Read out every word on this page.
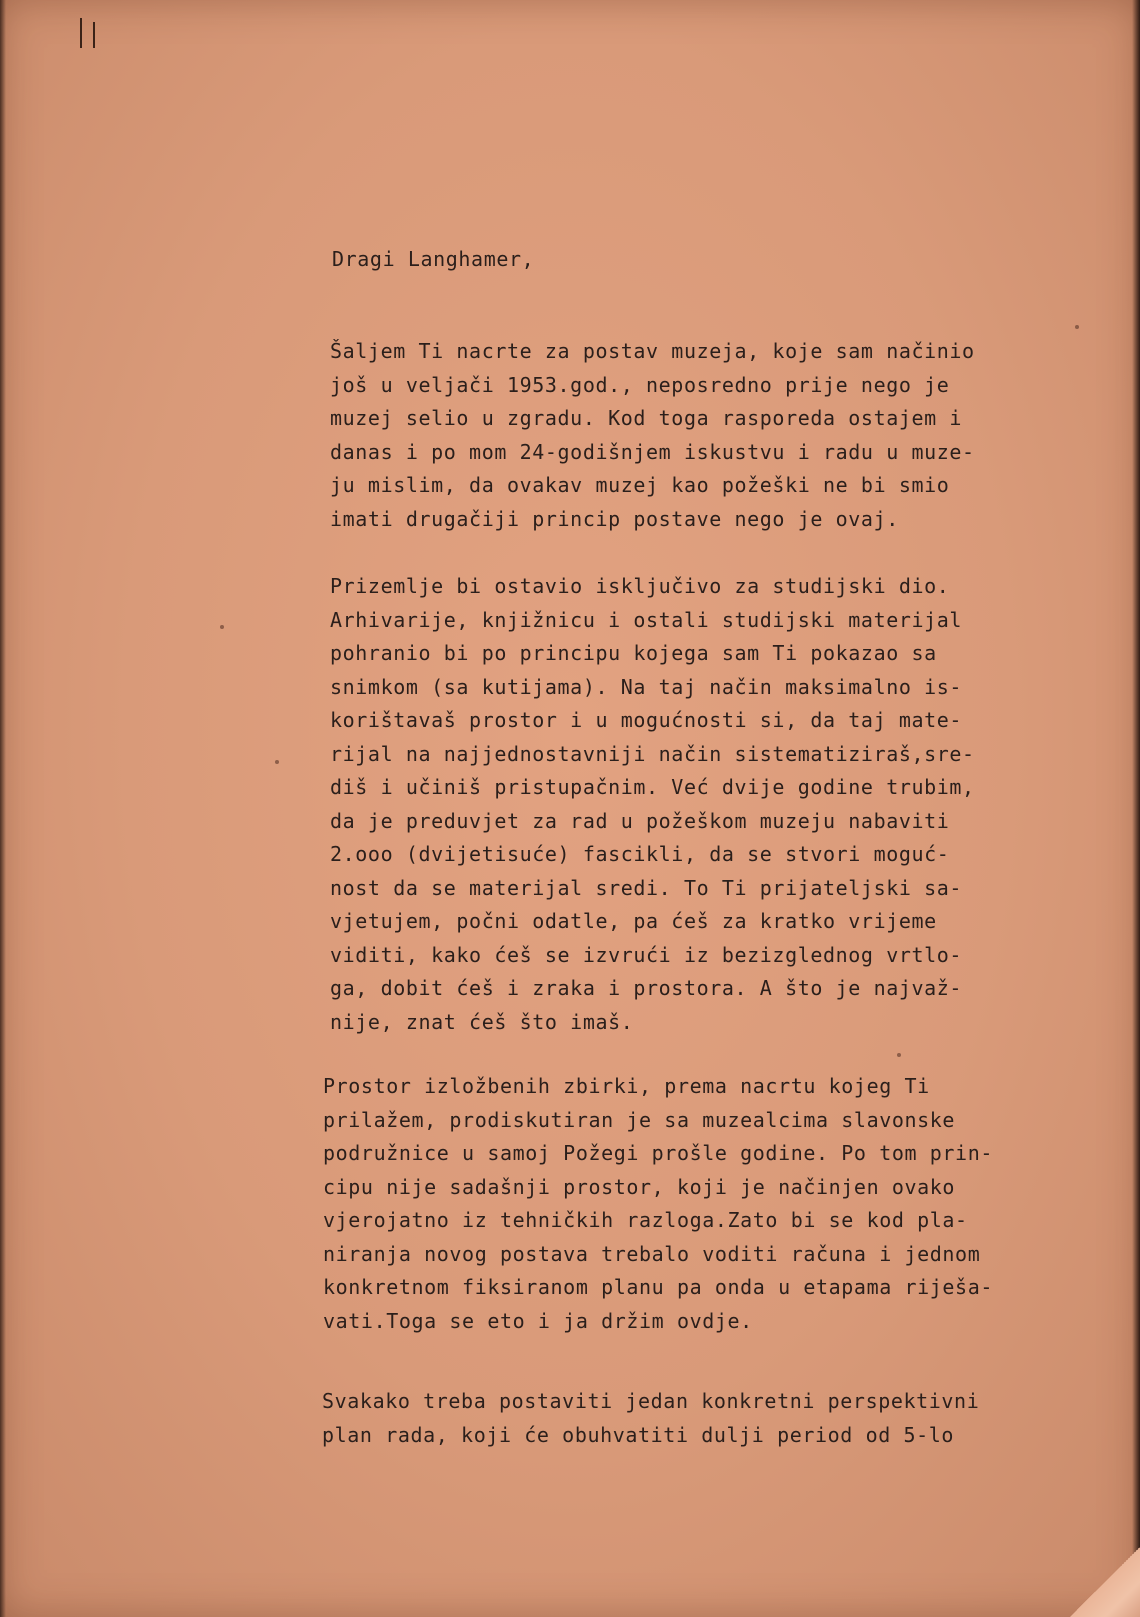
Dragi Langhamer,

Šaljem Ti nacrte za postav muzeja, koje sam načinio
još u veljači 1953.god., neposredno prije nego je
muzej selio u zgradu. Kod toga rasporeda ostajem i
danas i po mom 24-godišnjem iskustvu i radu u muze-
ju mislim, da ovakav muzej kao požeški ne bi smio
imati drugačiji princip postave nego je ovaj.
Prizemlje bi ostavio isključivo za studijski dio.
Arhivarije, knjižnicu i ostali studijski materijal
pohranio bi po principu kojega sam Ti pokazao sa
snimkom (sa kutijama). Na taj način maksimalno is-
korištavaš prostor i u mogućnosti si, da taj mate-
rijal na najjednostavniji način sistematiziraš,sre-
diš i učiniš pristupačnim. Već dvije godine trubim,
da je preduvjet za rad u požeškom muzeju nabaviti
2.ooo (dvijetisuće) fascikli, da se stvori moguć-
nost da se materijal sredi. To Ti prijateljski sa-
vjetujem, počni odatle, pa ćeš za kratko vrijeme
viditi, kako ćeš se izvrući iz bezizglednog vrtlo-
ga, dobit ćeš i zraka i prostora. A što je najvaž-
nije, znat ćeš što imaš.
Prostor izložbenih zbirki, prema nacrtu kojeg Ti
prilažem, prodiskutiran je sa muzealcima slavonske
podružnice u samoj Požegi prošle godine. Po tom prin-
cipu nije sadašnji prostor, koji je načinjen ovako
vjerojatno iz tehničkih razloga.Zato bi se kod pla-
niranja novog postava trebalo voditi računa i jednom
konkretnom fiksiranom planu pa onda u etapama riješa-
vati.Toga se eto i ja držim ovdje.
Svakako treba postaviti jedan konkretni perspektivni
plan rada, koji će obuhvatiti dulji period od 5-lo
